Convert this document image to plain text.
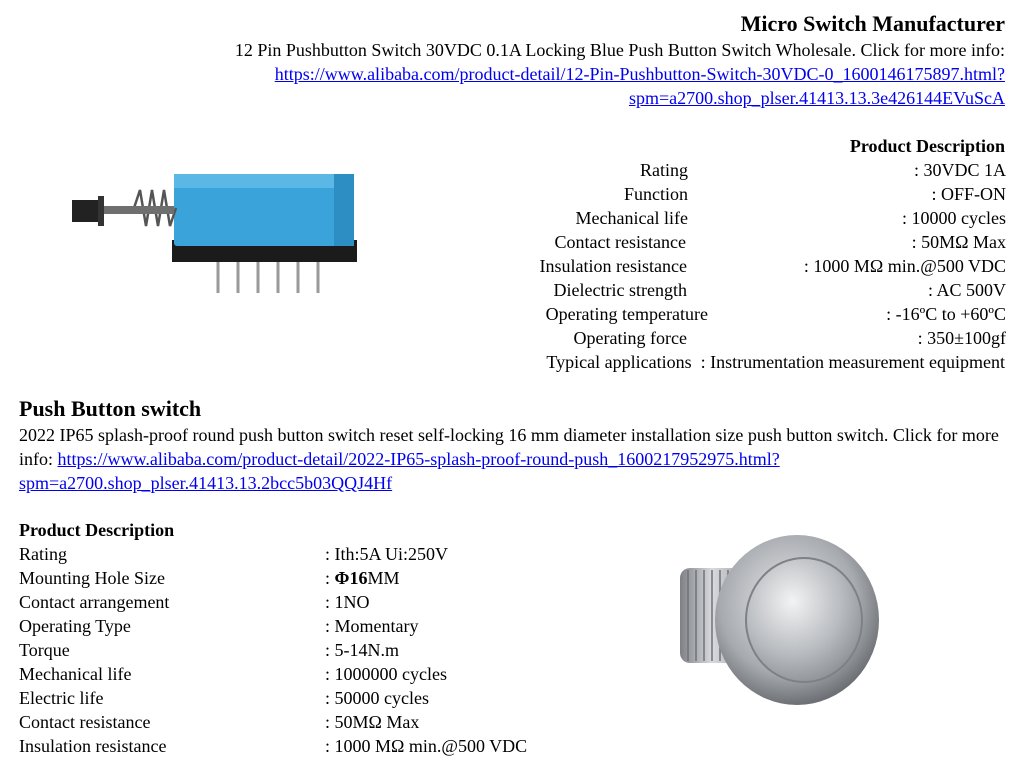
Micro Switch Manufacturer
12 Pin Pushbutton Switch 30VDC 0.1A Locking Blue Push Button Switch Wholesale. Click for more info: https://www.alibaba.com/product-detail/12-Pin-Pushbutton-Switch-30VDC-0_1600146175897.html?spm=a2700.shop_plser.41413.13.3e426144EVuScA
Product Description
Rating	: 30VDC 1A
Function	: OFF-ON
Mechanical life	: 10000 cycles
Contact resistance	: 50MΩ Max
Insulation resistance	: 1000 MΩ min.@500 VDC
Dielectric strength	: AC 500V
Operating temperature	: -16ºC to +60ºC
Operating force	: 350±100gf
Typical applications  : Instrumentation measurement equipment
Push Button switch
2022 IP65 splash-proof round push button switch reset self-locking 16 mm diameter installation size push button switch. Click for more info: https://www.alibaba.com/product-detail/2022-IP65-splash-proof-round-push_1600217952975.html?spm=a2700.shop_plser.41413.13.2bcc5b03QQJ4Hf
Product Description
Rating	: Ith:5A Ui:250V
Mounting Hole Size	: Φ16MM
Contact arrangement	: 1NO
Operating Type	: Momentary
Torque	: 5-14N.m
Mechanical life	: 1000000 cycles
Electric life	: 50000 cycles
Contact resistance	: 50MΩ Max
Insulation resistance	: 1000 MΩ min.@500 VDC
